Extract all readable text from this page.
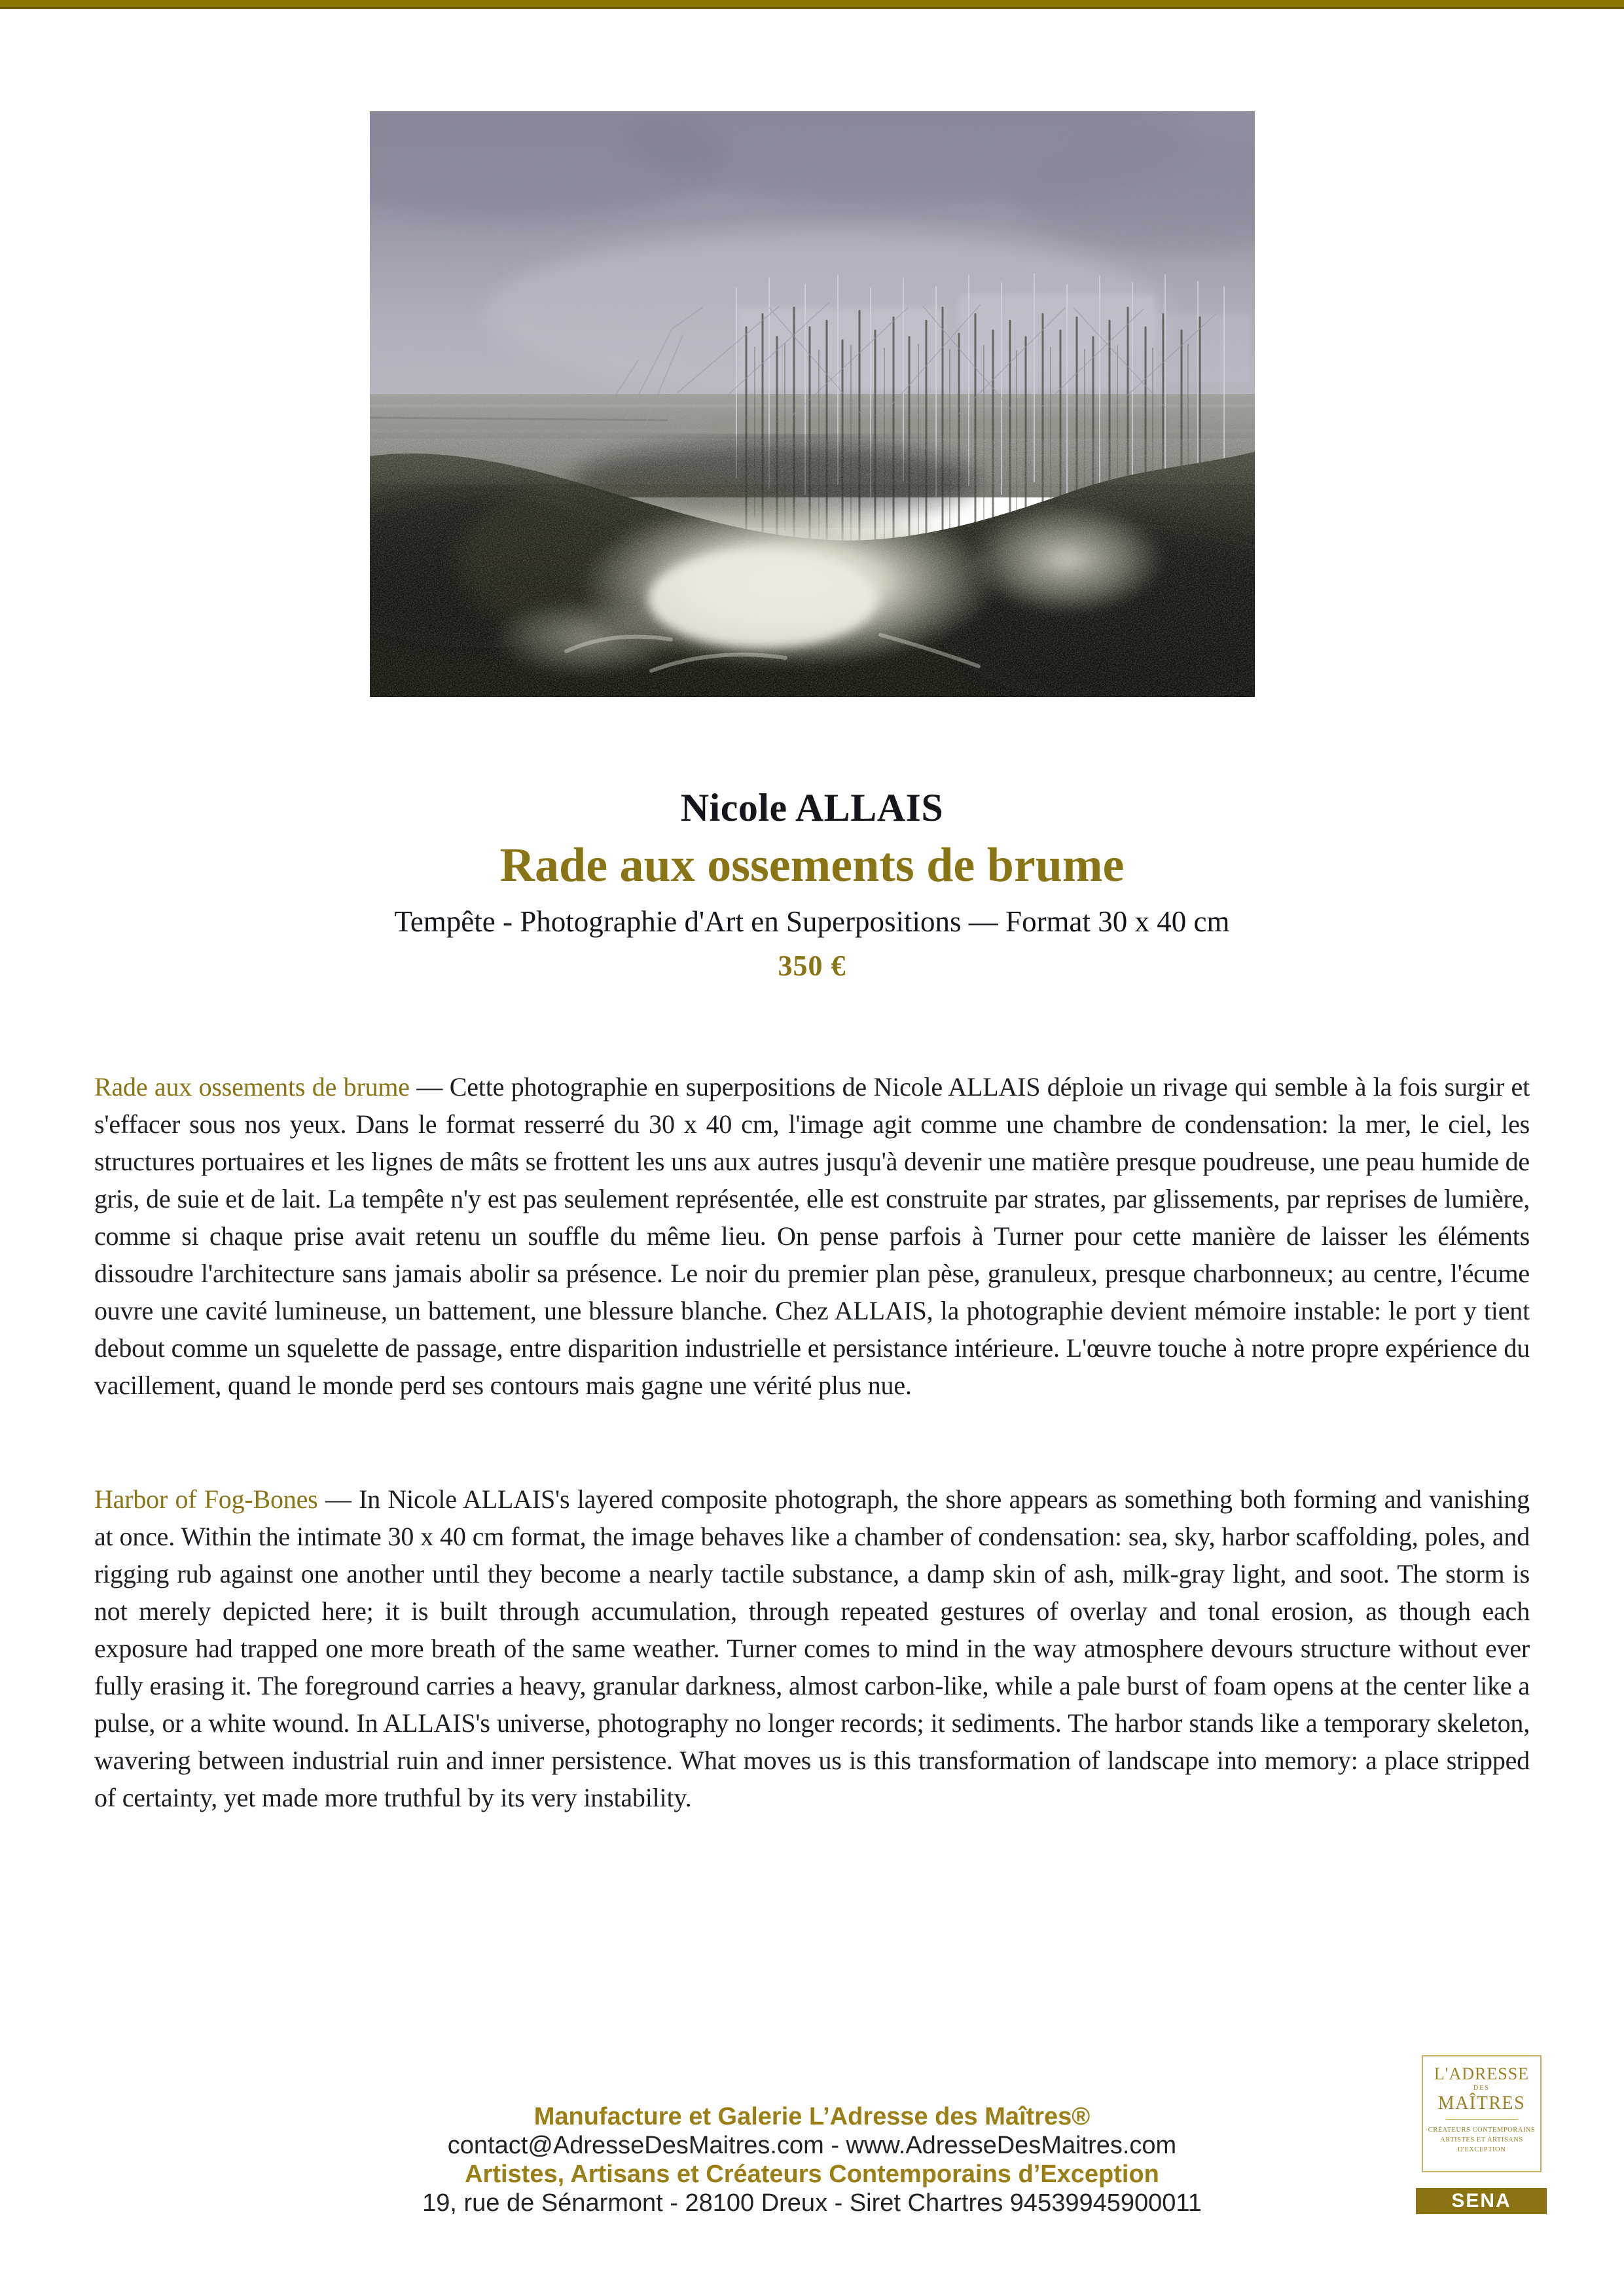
Nicole ALLAIS
Rade aux ossements de brume
Tempête - Photographie d'Art en Superpositions — Format 30 x 40 cm
350 €

Rade aux ossements de brume — Cette photographie en superpositions de Nicole ALLAIS déploie un rivage qui semble à la fois surgir et s'effacer sous nos yeux. Dans le format resserré du 30 x 40 cm, l'image agit comme une chambre de condensation: la mer, le ciel, les structures portuaires et les lignes de mâts se frottent les uns aux autres jusqu'à devenir une matière presque poudreuse, une peau humide de gris, de suie et de lait. La tempête n'y est pas seulement représentée, elle est construite par strates, par glissements, par reprises de lumière, comme si chaque prise avait retenu un souffle du même lieu. On pense parfois à Turner pour cette manière de laisser les éléments dissoudre l'architecture sans jamais abolir sa présence. Le noir du premier plan pèse, granuleux, presque charbonneux; au centre, l'écume ouvre une cavité lumineuse, un battement, une blessure blanche. Chez ALLAIS, la photographie devient mémoire instable: le port y tient debout comme un squelette de passage, entre disparition industrielle et persistance intérieure. L'œuvre touche à notre propre expérience du vacillement, quand le monde perd ses contours mais gagne une vérité plus nue.

Harbor of Fog-Bones — In Nicole ALLAIS's layered composite photograph, the shore appears as something both forming and vanishing at once. Within the intimate 30 x 40 cm format, the image behaves like a chamber of condensation: sea, sky, harbor scaffolding, poles, and rigging rub against one another until they become a nearly tactile substance, a damp skin of ash, milk-gray light, and soot. The storm is not merely depicted here; it is built through accumulation, through repeated gestures of overlay and tonal erosion, as though each exposure had trapped one more breath of the same weather. Turner comes to mind in the way atmosphere devours structure without ever fully erasing it. The foreground carries a heavy, granular darkness, almost carbon-like, while a pale burst of foam opens at the center like a pulse, or a white wound. In ALLAIS's universe, photography no longer records; it sediments. The harbor stands like a temporary skeleton, wavering between industrial ruin and inner persistence. What moves us is this transformation of landscape into memory: a place stripped of certainty, yet made more truthful by its very instability.

Manufacture et Galerie L’Adresse des Maîtres®
contact@AdresseDesMaitres.com - www.AdresseDesMaitres.com
Artistes, Artisans et Créateurs Contemporains d’Exception
19, rue de Sénarmont - 28100 Dreux - Siret Chartres 94539945900011
L'ADRESSE
DES
MAÎTRES
CRÉATEURS CONTEMPORAINS
ARTISTES ET ARTISANS
D'EXCEPTION
SENA
